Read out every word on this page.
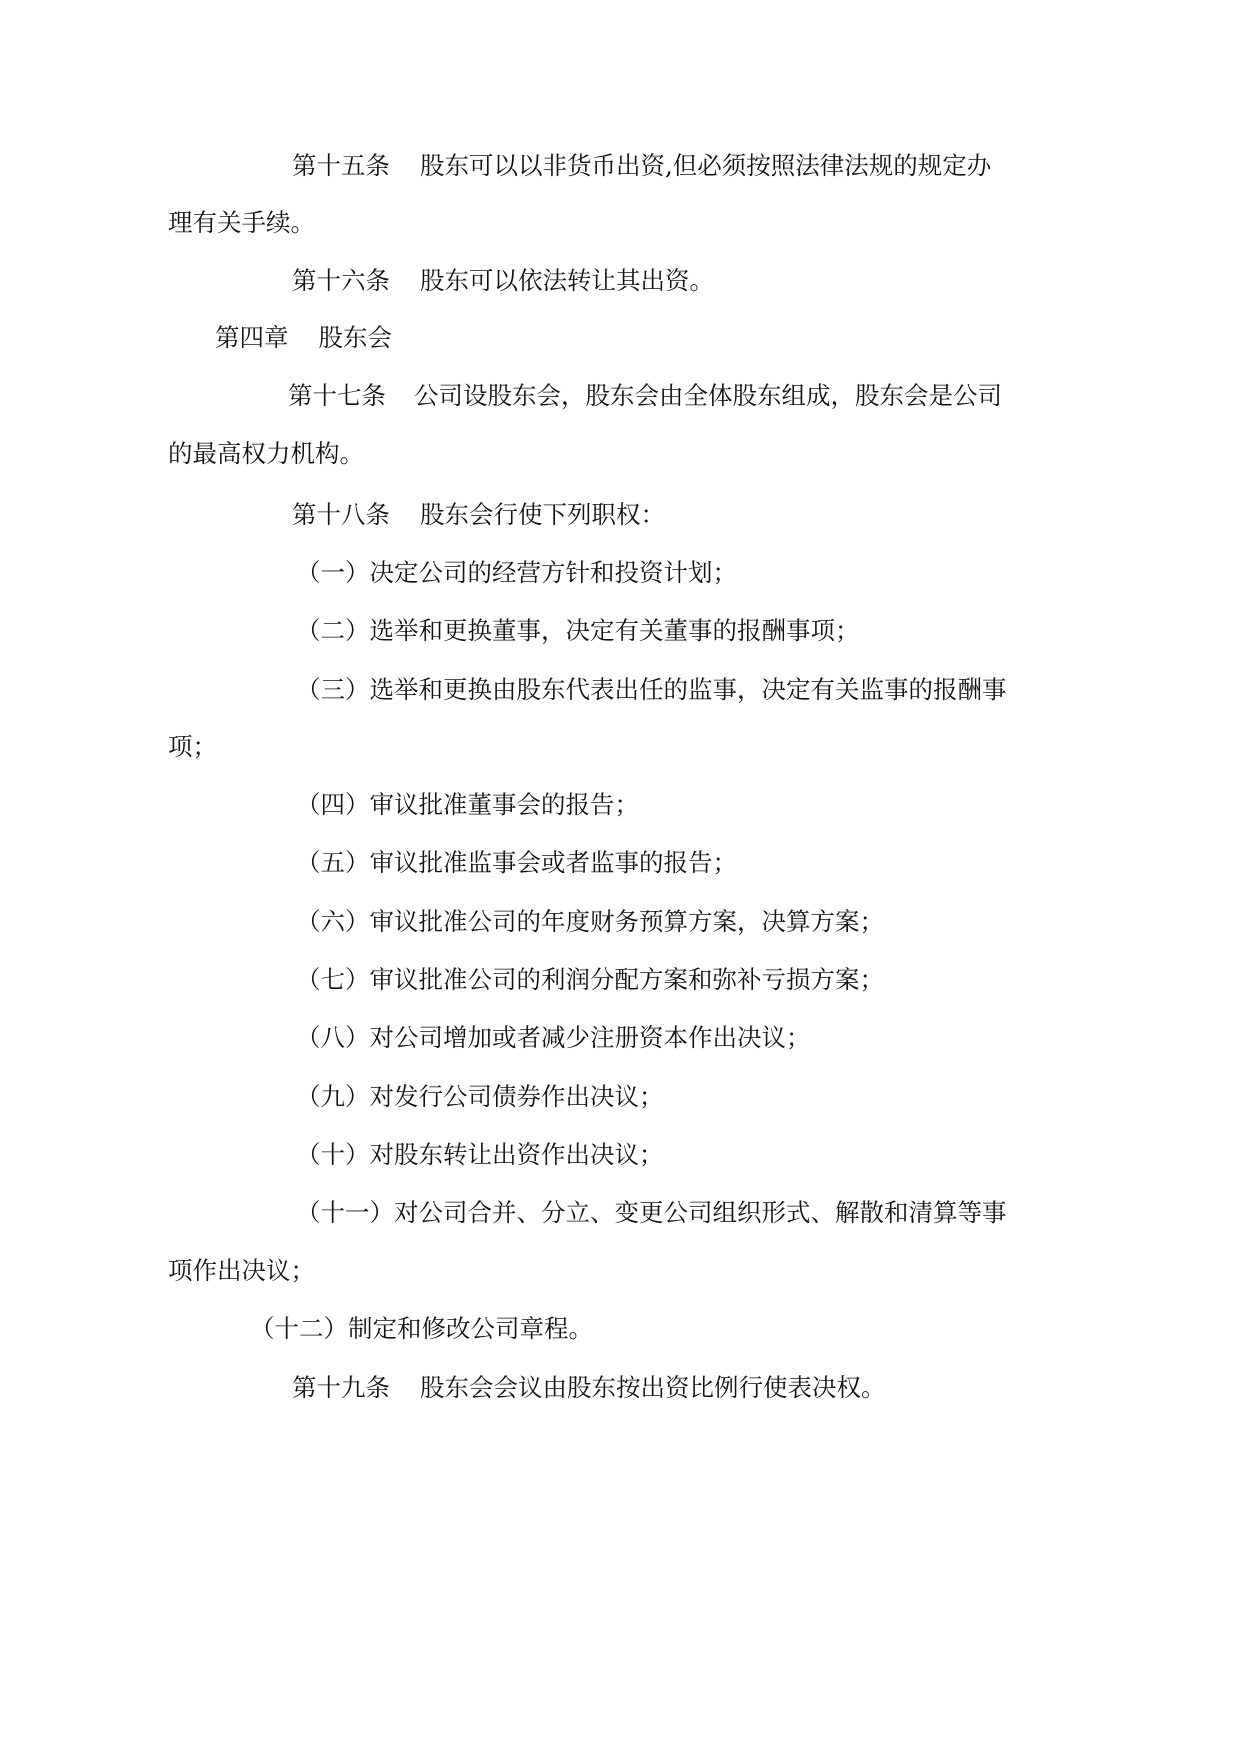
第十五条 股东可以以非货币出资,但必须按照法律法规的规定办

理有关手续。

第十六条 股东可以依法转让其出资。

第四章 股东会

第十七条 公司设股东会，股东会由全体股东组成，股东会是公司

的最高权力机构。

第十八条 股东会行使下列职权：

（一）决定公司的经营方针和投资计划；

（二）选举和更换董事，决定有关董事的报酬事项；

（三）选举和更换由股东代表出任的监事，决定有关监事的报酬事

项；

（四）审议批准董事会的报告；

（五）审议批准监事会或者监事的报告；

（六）审议批准公司的年度财务预算方案，决算方案；

（七）审议批准公司的利润分配方案和弥补亏损方案；

（八）对公司增加或者减少注册资本作出决议；

（九）对发行公司债券作出决议；

（十）对股东转让出资作出决议；

（十一）对公司合并、分立、变更公司组织形式、解散和清算等事

项作出决议；

（十二）制定和修改公司章程。

第十九条 股东会会议由股东按出资比例行使表决权。
